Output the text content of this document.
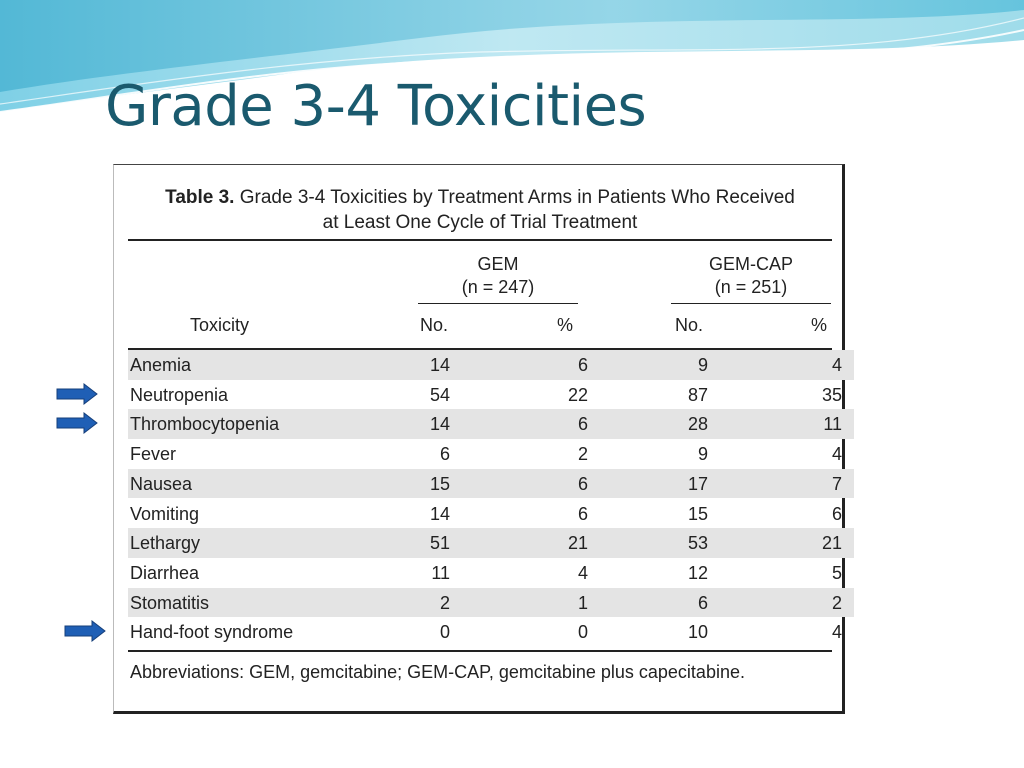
Grade 3-4 Toxicities
Table 3. Grade 3-4 Toxicities by Treatment Arms in Patients Who Received
at Least One Cycle of Trial Treatment
GEM
(n = 247)
GEM-CAP
(n = 251)
Toxicity	No.	%	No.	%
Anemia	14	6	9	4
Neutropenia	54	22	87	35
Thrombocytopenia	14	6	28	11
Fever	6	2	9	4
Nausea	15	6	17	7
Vomiting	14	6	15	6
Lethargy	51	21	53	21
Diarrhea	11	4	12	5
Stomatitis	2	1	6	2
Hand-foot syndrome	0	0	10	4
Abbreviations: GEM, gemcitabine; GEM-CAP, gemcitabine plus capecitabine.
